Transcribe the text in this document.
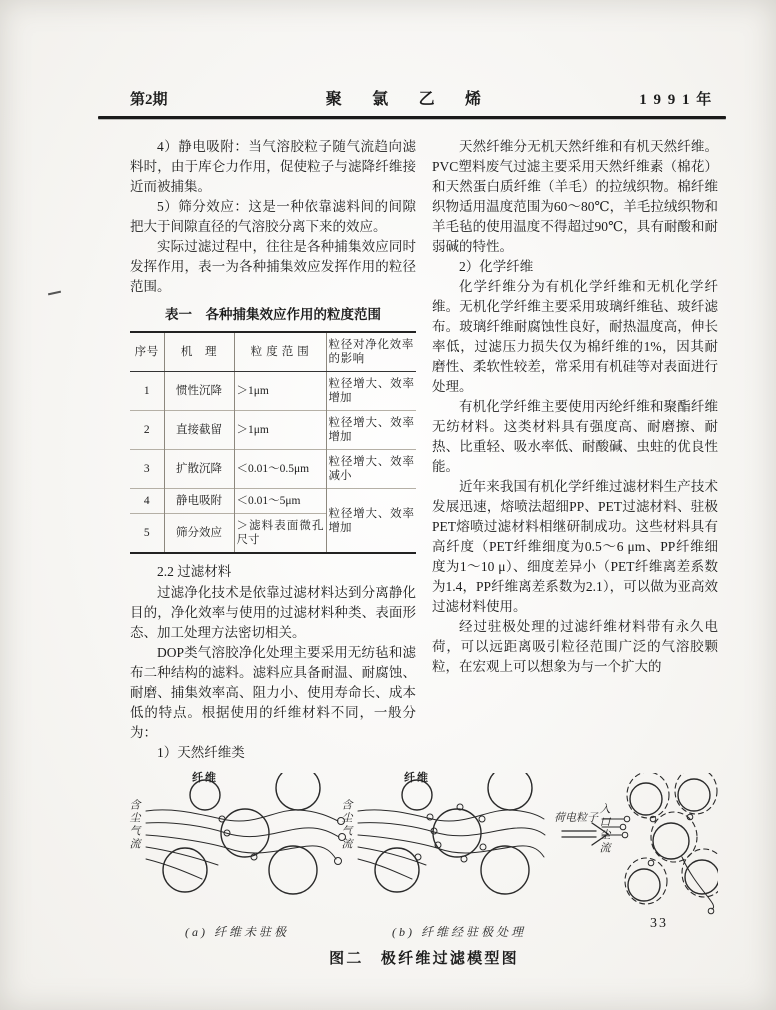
第2期	聚氯乙烯	1991年

4）静电吸附：当气溶胶粒子随气流趋向滤料时，由于库仑力作用，促使粒子与滤降纤维接近而被捕集。

5）筛分效应：这是一种依靠滤料间的间隙把大于间隙直径的气溶胶分离下来的效应。

实际过滤过程中，往往是各种捕集效应同时发挥作用，表一为各种捕集效应发挥作用的粒径范围。

表一　各种捕集效应作用的粒度范围
序号	机　理	粒 度 范 围	粒径对净化效率的影响
1	惯性沉降	＞1μm	粒径增大、效率增加
2	直接截留	＞1μm	粒径增大、效率增加
3	扩散沉降	＜0.01～0.5μm	粒径增大、效率减小
4	静电吸附	＜0.01～5μm	粒径增大、效率增加
5	筛分效应	＞滤料表面微孔尺寸	
2.2 过滤材料

过滤净化技术是依靠过滤材料达到分离静化目的，净化效率与使用的过滤材料种类、表面形态、加工处理方法密切相关。

DOP类气溶胶净化处理主要采用无纺毡和滤布二种结构的滤料。滤料应具备耐温、耐腐蚀、耐磨、捕集效率高、阻力小、使用寿命长、成本低的特点。根据使用的纤维材料不同，一般分为：

1）天然纤维类

天然纤维分无机天然纤维和有机天然纤维。PVC塑料废气过滤主要采用天然纤维素（棉花）和天然蛋白质纤维（羊毛）的拉绒织物。棉纤维织物适用温度范围为60～80℃，羊毛拉绒织物和羊毛毡的使用温度不得超过90℃，具有耐酸和耐弱碱的特性。

2）化学纤维

化学纤维分为有机化学纤维和无机化学纤维。无机化学纤维主要采用玻璃纤维毡、玻纤滤布。玻璃纤维耐腐蚀性良好，耐热温度高，伸长率低，过滤压力损失仅为棉纤维的1%，因其耐磨性、柔软性较差，常采用有机硅等对表面进行处理。

有机化学纤维主要使用丙纶纤维和聚酯纤维无纺材料。这类材料具有强度高、耐磨擦、耐热、比重轻、吸水率低、耐酸碱、虫蛀的优良性能。

近年来我国有机化学纤维过滤材料生产技术发展迅速，熔喷法超细PP、PET过滤材料、驻极PET熔喷过滤材料相继研制成功。这些材料具有高纤度（PET纤维细度为0.5～6 μm、PP纤维细度为1～10 μ）、细度差异小（PET纤维离差系数为1.4，PP纤维离差系数为2.1），可以做为亚高效过滤材料使用。

经过驻极处理的过滤纤维材料带有永久电荷，可以远距离吸引粒径范围广泛的气溶胶颗粒，在宏观上可以想象为与一个扩大的

纤维	纤维
含尘气流	含尘气流	入口尘流
荷电粒子
(a) 纤维未驻极	(b) 纤维经驻极处理
图二　极纤维过滤模型图
33
